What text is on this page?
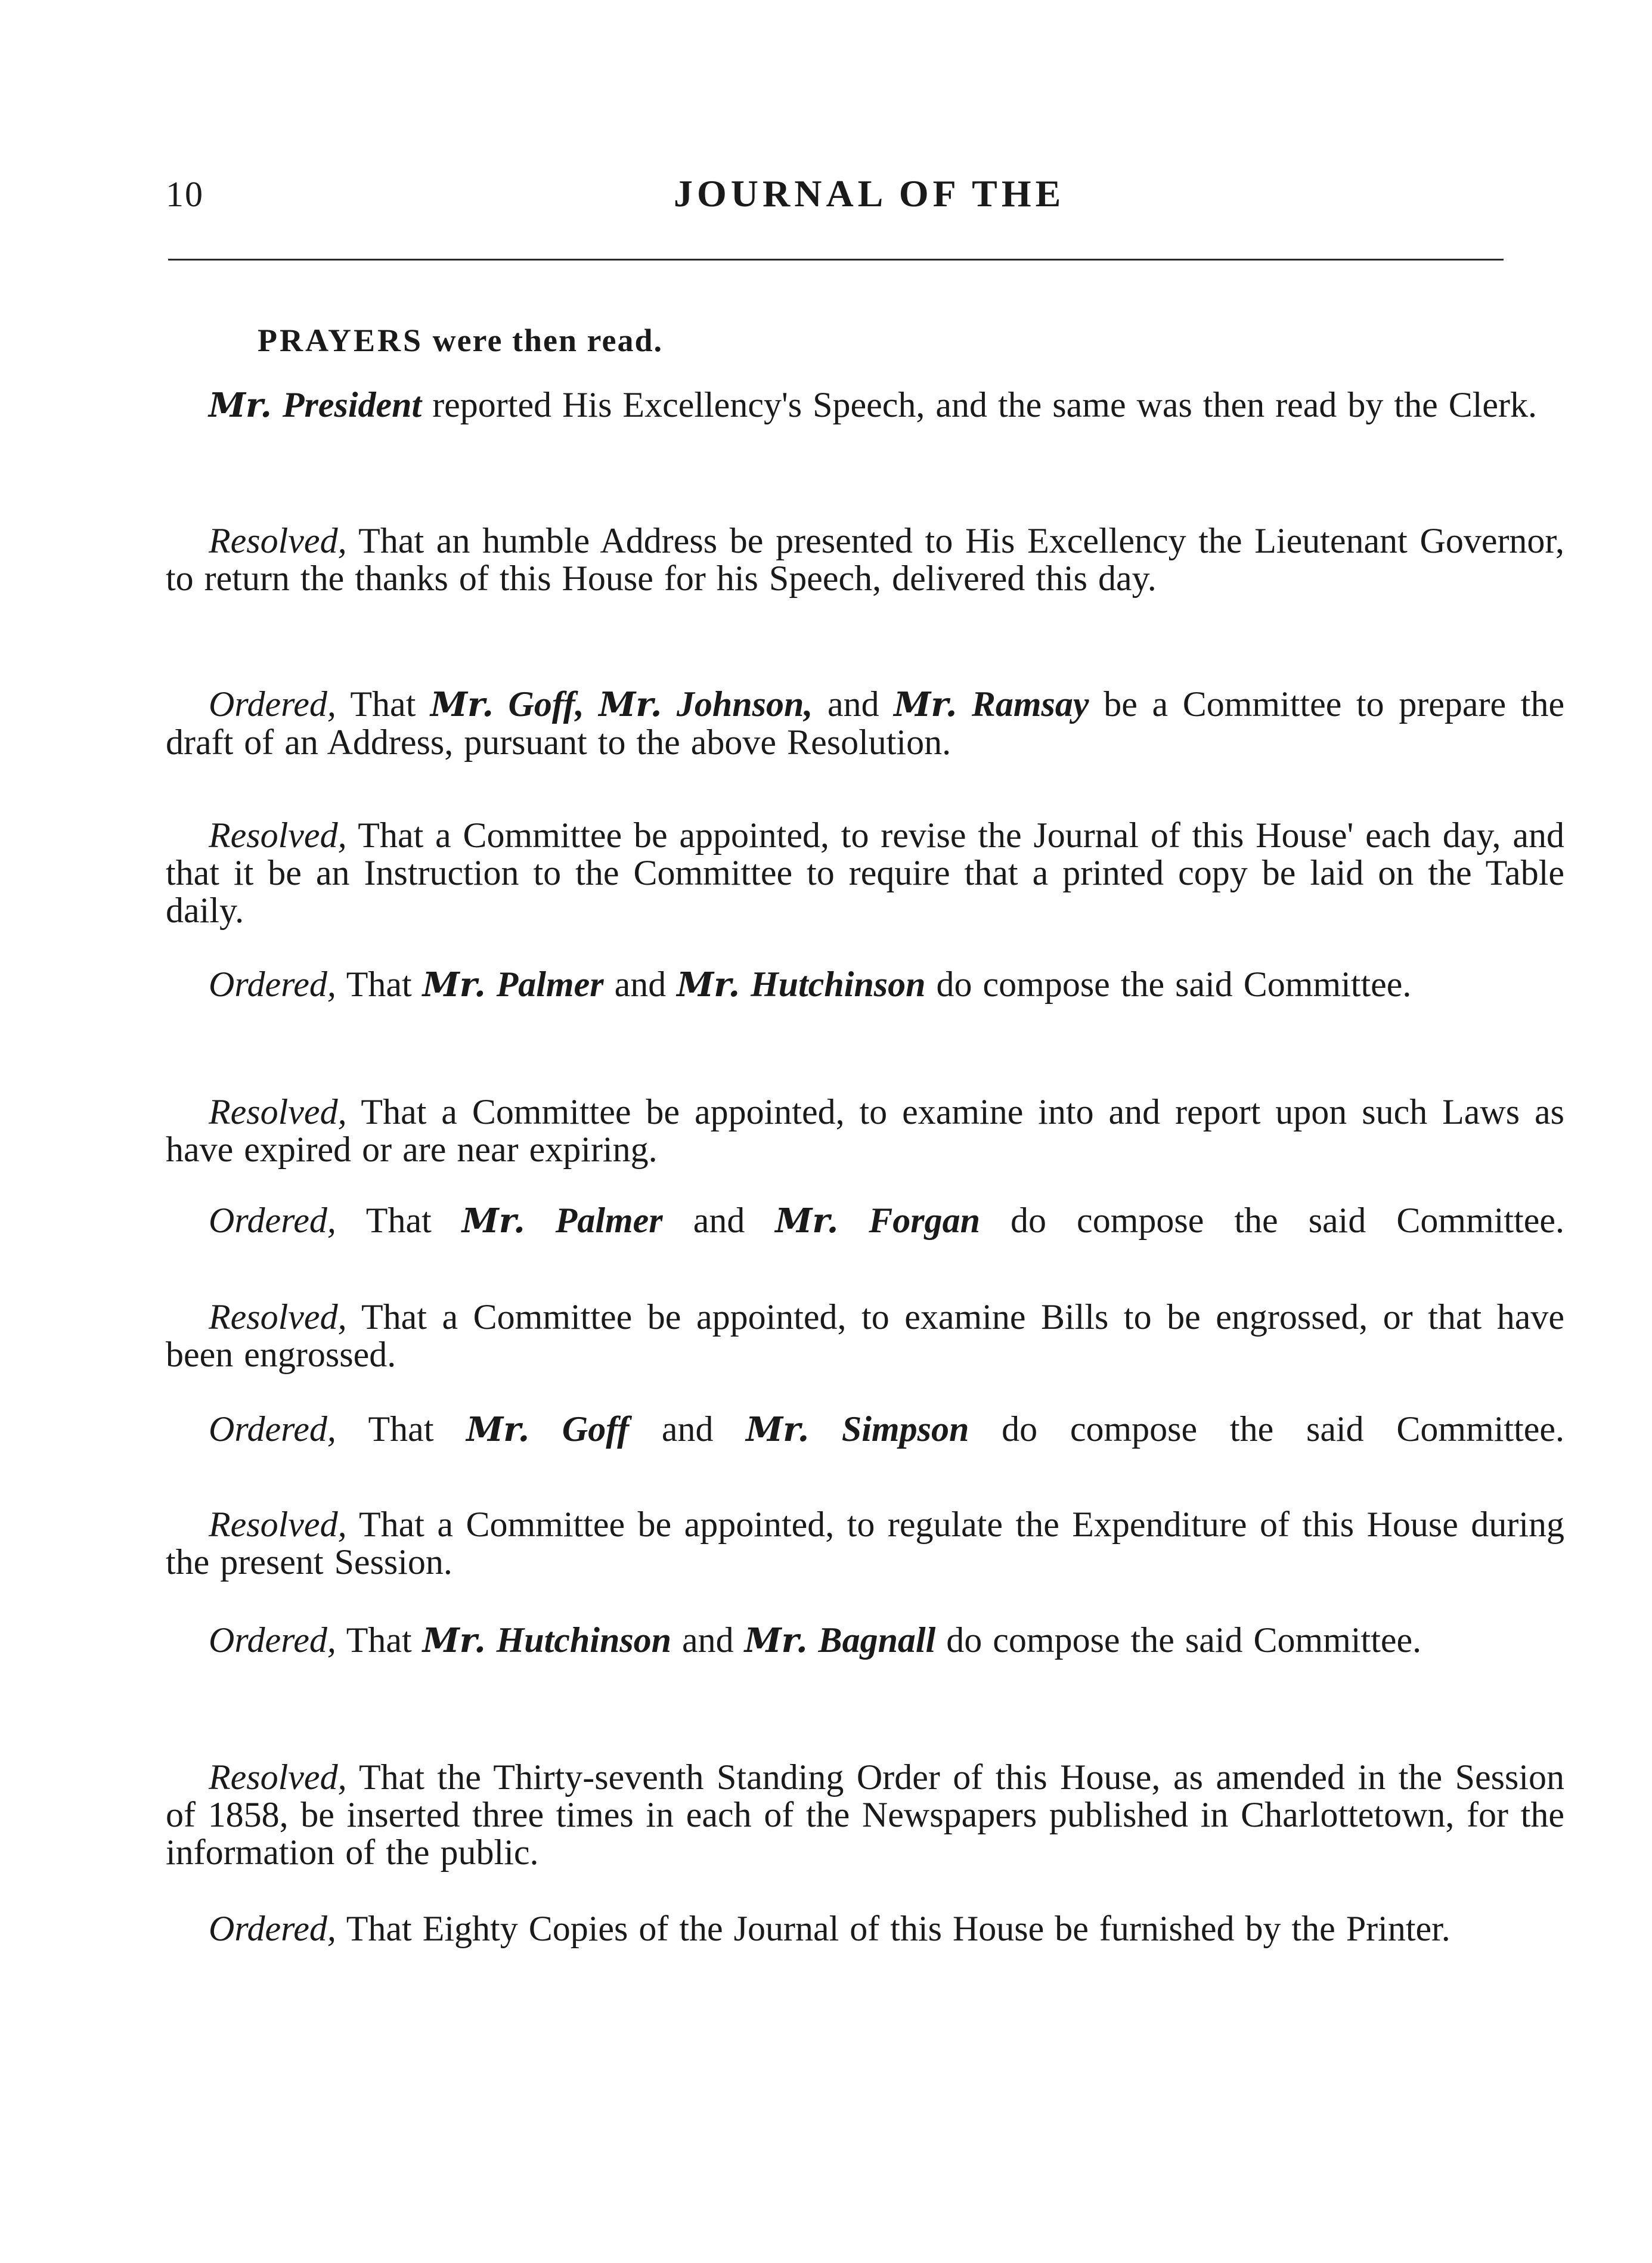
10	JOURNAL OF THE
PRAYERS were then read.

Mr. President reported His Excellency's Speech, and the same was then read by the Clerk.

Resolved, That an humble Address be presented to His Excellency the Lieutenant Governor, to return the thanks of this House for his Speech, delivered this day.

Ordered, That Mr. Goff, Mr. Johnson, and Mr. Ramsay be a Committee to prepare the draft of an Address, pursuant to the above Resolution.

Resolved, That a Committee be appointed, to revise the Journal of this House' each day, and that it be an Instruction to the Committee to require that a printed copy be laid on the Table daily.

Ordered, That Mr. Palmer and Mr. Hutchinson do compose the said Committee.

Resolved, That a Committee be appointed, to examine into and report upon such Laws as have expired or are near expiring.

Ordered, That Mr. Palmer and Mr. Forgan do compose the said Committee.

Resolved, That a Committee be appointed, to examine Bills to be engrossed, or that have been engrossed.

Ordered, That Mr. Goff and Mr. Simpson do compose the said Committee.

Resolved, That a Committee be appointed, to regulate the Expenditure of this House during the present Session.

Ordered, That Mr. Hutchinson and Mr. Bagnall do compose the said Committee.

Resolved, That the Thirty-seventh Standing Order of this House, as amended in the Session of 1858, be inserted three times in each of the Newspapers published in Charlottetown, for the information of the public.

Ordered, That Eighty Copies of the Journal of this House be furnished by the Printer.
